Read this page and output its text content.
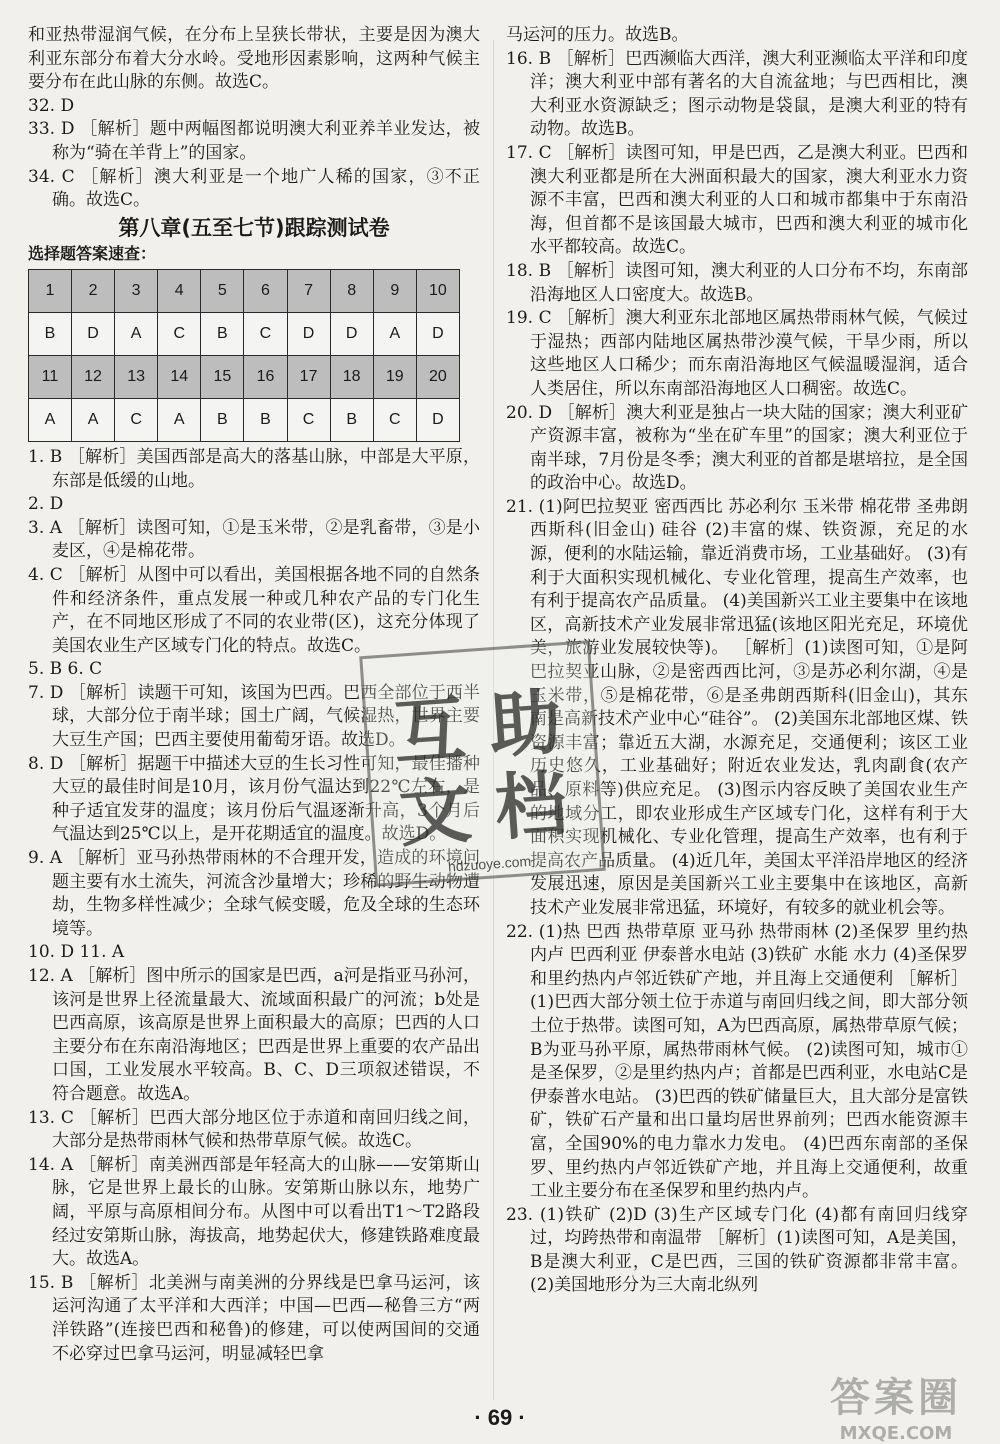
和亚热带湿润气候，在分布上呈狭长带状，主要是因为澳大利亚东部分布着大分水岭。受地形因素影响，这两种气候主要分布在此山脉的东侧。故选C。

32. D

33. D ［解析］题中两幅图都说明澳大利亚养羊业发达，被称为“骑在羊背上”的国家。

34. C ［解析］澳大利亚是一个地广人稀的国家，③不正确。故选C。

第八章(五至七节)跟踪测试卷
选择题答案速查：
1	2	3	4	5	6	7	8	9	10
B	D	A	C	B	C	D	D	A	D
11	12	13	14	15	16	17	18	19	20
A	A	C	A	B	B	C	B	C	D

1. B ［解析］美国西部是高大的落基山脉，中部是大平原，东部是低缓的山地。

2. D

3. A ［解析］读图可知，①是玉米带，②是乳畜带，③是小麦区，④是棉花带。

4. C ［解析］从图中可以看出，美国根据各地不同的自然条件和经济条件，重点发展一种或几种农产品的专门化生产，在不同地区形成了不同的农业带(区)，这充分体现了美国农业生产区域专门化的特点。故选C。

5. B 6. C

7. D ［解析］读题干可知，该国为巴西。巴西全部位于西半球，大部分位于南半球；国土广阔，气候湿热，世界主要大豆生产国；巴西主要使用葡萄牙语。故选D。

8. D ［解析］据题干中描述大豆的生长习性可知，最佳播种大豆的最佳时间是10月，该月份气温达到22℃左右，是种子适宜发芽的温度；该月份后气温逐渐升高，3个月后气温达到25℃以上，是开花期适宜的温度。故选D。

9. A ［解析］亚马孙热带雨林的不合理开发，造成的环境问题主要有水土流失，河流含沙量增大；珍稀的野生动物遭劫，生物多样性减少；全球气候变暖，危及全球的生态环境等。

10. D 11. A

12. A ［解析］图中所示的国家是巴西，a河是指亚马孙河，该河是世界上径流量最大、流域面积最广的河流；b处是巴西高原，该高原是世界上面积最大的高原；巴西的人口主要分布在东南沿海地区；巴西是世界上重要的农产品出口国，工业发展水平较高。B、C、D三项叙述错误，不符合题意。故选A。

13. C ［解析］巴西大部分地区位于赤道和南回归线之间，大部分是热带雨林气候和热带草原气候。故选C。

14. A ［解析］南美洲西部是年轻高大的山脉——安第斯山脉，它是世界上最长的山脉。安第斯山脉以东，地势广阔，平原与高原相间分布。从图中可以看出T1～T2路段经过安第斯山脉，海拔高，地势起伏大，修建铁路难度最大。故选A。

15. B ［解析］北美洲与南美洲的分界线是巴拿马运河，该运河沟通了太平洋和大西洋；中国—巴西—秘鲁三方“两洋铁路”(连接巴西和秘鲁)的修建，可以使两国间的交通不必穿过巴拿马运河，明显减轻巴拿

马运河的压力。故选B。

16. B ［解析］巴西濒临大西洋，澳大利亚濒临太平洋和印度洋；澳大利亚中部有著名的大自流盆地；与巴西相比，澳大利亚水资源缺乏；图示动物是袋鼠，是澳大利亚的特有动物。故选B。

17. C ［解析］读图可知，甲是巴西，乙是澳大利亚。巴西和澳大利亚都是所在大洲面积最大的国家，澳大利亚水力资源不丰富，巴西和澳大利亚的人口和城市都集中于东南沿海，但首都不是该国最大城市，巴西和澳大利亚的城市化水平都较高。故选C。

18. B ［解析］读图可知，澳大利亚的人口分布不均，东南部沿海地区人口密度大。故选B。

19. C ［解析］澳大利亚东北部地区属热带雨林气候，气候过于湿热；西部内陆地区属热带沙漠气候，干旱少雨，所以这些地区人口稀少；而东南沿海地区气候温暖湿润，适合人类居住，所以东南部沿海地区人口稠密。故选C。

20. D ［解析］澳大利亚是独占一块大陆的国家；澳大利亚矿产资源丰富，被称为“坐在矿车里”的国家；澳大利亚位于南半球，7月份是冬季；澳大利亚的首都是堪培拉，是全国的政治中心。故选D。

21. (1)阿巴拉契亚 密西西比 苏必利尔 玉米带 棉花带 圣弗朗西斯科(旧金山) 硅谷 (2)丰富的煤、铁资源，充足的水源，便利的水陆运输，靠近消费市场，工业基础好。 (3)有利于大面积实现机械化、专业化管理，提高生产效率，也有利于提高农产品质量。 (4)美国新兴工业主要集中在该地区，高新技术产业发展非常迅猛(该地区阳光充足，环境优美，旅游业发展较快等)。 ［解析］(1)读图可知，①是阿巴拉契亚山脉，②是密西西比河，③是苏必利尔湖，④是玉米带，⑤是棉花带，⑥是圣弗朗西斯科(旧金山)，其东南是高新技术产业中心“硅谷”。 (2)美国东北部地区煤、铁资源丰富；靠近五大湖，水源充足，交通便利；该区工业历史悠久，工业基础好；附近农业发达，乳肉副食(农产品、原料等)供应充足。 (3)图示内容反映了美国农业生产的地域分工，即农业形成生产区域专门化，这样有利于大面积实现机械化、专业化管理，提高生产效率，也有利于提高农产品质量。 (4)近几年，美国太平洋沿岸地区的经济发展迅速，原因是美国新兴工业主要集中在该地区，高新技术产业发展非常迅猛，环境好，有较多的就业机会等。

22. (1)热 巴西 热带草原 亚马孙 热带雨林 (2)圣保罗 里约热内卢 巴西利亚 伊泰普水电站 (3)铁矿 水能 水力 (4)圣保罗和里约热内卢邻近铁矿产地，并且海上交通便利 ［解析］(1)巴西大部分领土位于赤道与南回归线之间，即大部分领土位于热带。读图可知，A为巴西高原，属热带草原气候；B为亚马孙平原，属热带雨林气候。 (2)读图可知，城市①是圣保罗，②是里约热内卢；首都是巴西利亚，水电站C是伊泰普水电站。 (3)巴西的铁矿储量巨大，且大部分是富铁矿，铁矿石产量和出口量均居世界前列；巴西水能资源丰富，全国90%的电力靠水力发电。 (4)巴西东南部的圣保罗、里约热内卢邻近铁矿产地，并且海上交通便利，故重工业主要分布在圣保罗和里约热内卢。

23. (1)铁矿 (2)D (3)生产区域专门化 (4)都有南回归线穿过，均跨热带和南温带 ［解析］(1)读图可知，A是美国，B是澳大利亚，C是巴西，三国的铁矿资源都非常丰富。 (2)美国地形分为三大南北纵列

互 助
文 档
hdzuoye.com
· 69 ·	答案圈
MXQE.COM
